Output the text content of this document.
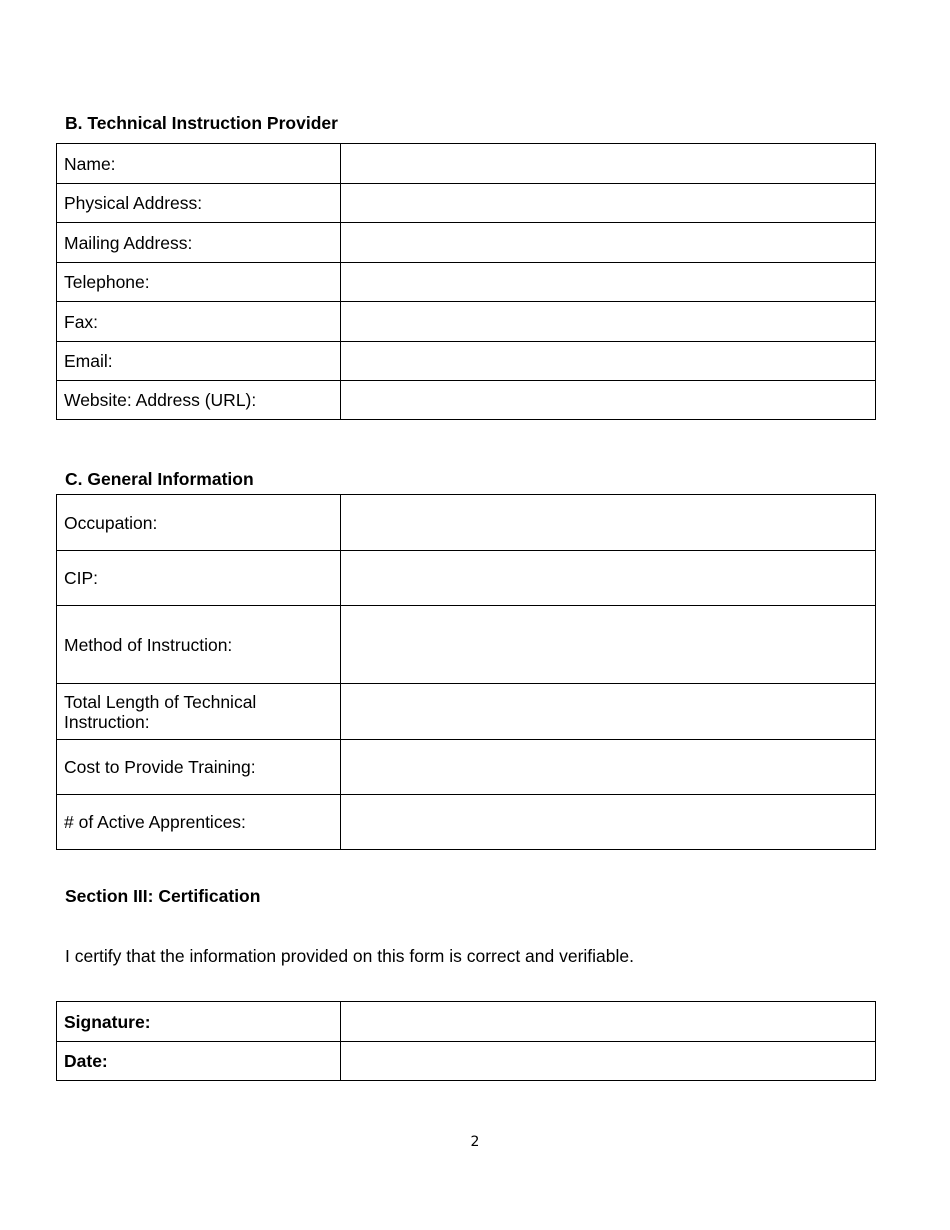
B. Technical Instruction Provider

Name:	
Physical Address:	
Mailing Address:	
Telephone:	
Fax:	
Email:	
Website: Address (URL):	

C. General Information

Occupation:	
CIP:	
Method of Instruction:	
Total Length of Technical Instruction:	
Cost to Provide Training:	
# of Active Apprentices:	

Section III: Certification

I certify that the information provided on this form is correct and verifiable.

Signature:	
Date:	
2
